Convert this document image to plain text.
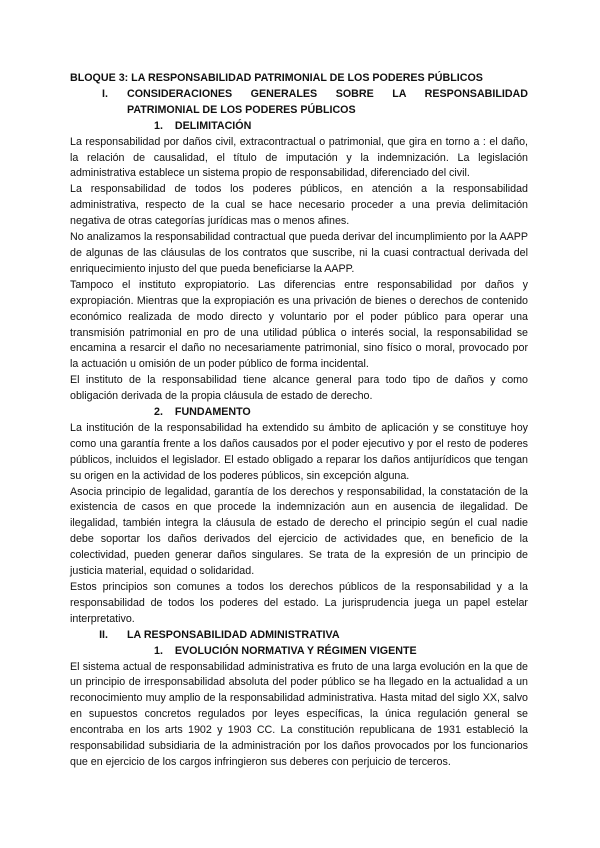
BLOQUE 3: LA RESPONSABILIDAD PATRIMONIAL DE LOS PODERES PÚBLICOS
I.	CONSIDERACIONES GENERALES SOBRE LA RESPONSABILIDAD PATRIMONIAL DE LOS PODERES PÚBLICOS
1. DELIMITACIÓN

La responsabilidad por daños civil, extracontractual o patrimonial, que gira en torno a : el daño, la relación de causalidad, el título de imputación y la indemnización. La legislación administrativa establece un sistema propio de responsabilidad, diferenciado del civil.

La responsabilidad de todos los poderes públicos, en atención a la responsabilidad administrativa, respecto de la cual se hace necesario proceder a una previa delimitación negativa de otras categorías jurídicas mas o menos afines.

No analizamos la responsabilidad contractual que pueda derivar del incumplimiento por la AAPP de algunas de las cláusulas de los contratos que suscribe, ni la cuasi contractual derivada del enriquecimiento injusto del que pueda beneficiarse la AAPP.

Tampoco el instituto expropiatorio. Las diferencias entre responsabilidad por daños y expropiación. Mientras que la expropiación es una privación de bienes o derechos de contenido económico realizada de modo directo y voluntario por el poder público para operar una transmisión patrimonial en pro de una utilidad pública o interés social, la responsabilidad se encamina a resarcir el daño no necesariamente patrimonial, sino físico o moral, provocado por la actuación u omisión de un poder público de forma incidental.

El instituto de la responsabilidad tiene alcance general para todo tipo de daños y como obligación derivada de la propia cláusula de estado de derecho.

2. FUNDAMENTO

La institución de la responsabilidad ha extendido su ámbito de aplicación y se constituye hoy como una garantía frente a los daños causados por el poder ejecutivo y por el resto de poderes públicos, incluidos el legislador. El estado obligado a reparar los daños antijurídicos que tengan su origen en la actividad de los poderes públicos, sin excepción alguna.

Asocia principio de legalidad, garantía de los derechos y responsabilidad, la constatación de la existencia de casos en que procede la indemnización aun en ausencia de ilegalidad. De ilegalidad, también integra la cláusula de estado de derecho el principio según el cual nadie debe soportar los daños derivados del ejercicio de actividades que, en beneficio de la colectividad, pueden generar daños singulares. Se trata de la expresión de un principio de justicia material, equidad o solidaridad.

Estos principios son comunes a todos los derechos públicos de la responsabilidad y a la responsabilidad de todos los poderes del estado. La jurisprudencia juega un papel estelar interpretativo.

II.	LA RESPONSABILIDAD ADMINISTRATIVA
1. EVOLUCIÓN NORMATIVA Y RÉGIMEN VIGENTE

El sistema actual de responsabilidad administrativa es fruto de una larga evolución en la que de un principio de irresponsabilidad absoluta del poder público se ha llegado en la actualidad a un reconocimiento muy amplio de la responsabilidad administrativa. Hasta mitad del siglo XX, salvo en supuestos concretos regulados por leyes específicas, la única regulación general se encontraba en los arts 1902 y 1903 CC. La constitución republicana de 1931 estableció la responsabilidad subsidiaria de la administración por los daños provocados por los funcionarios que en ejercicio de los cargos infringieron sus deberes con perjuicio de terceros.
